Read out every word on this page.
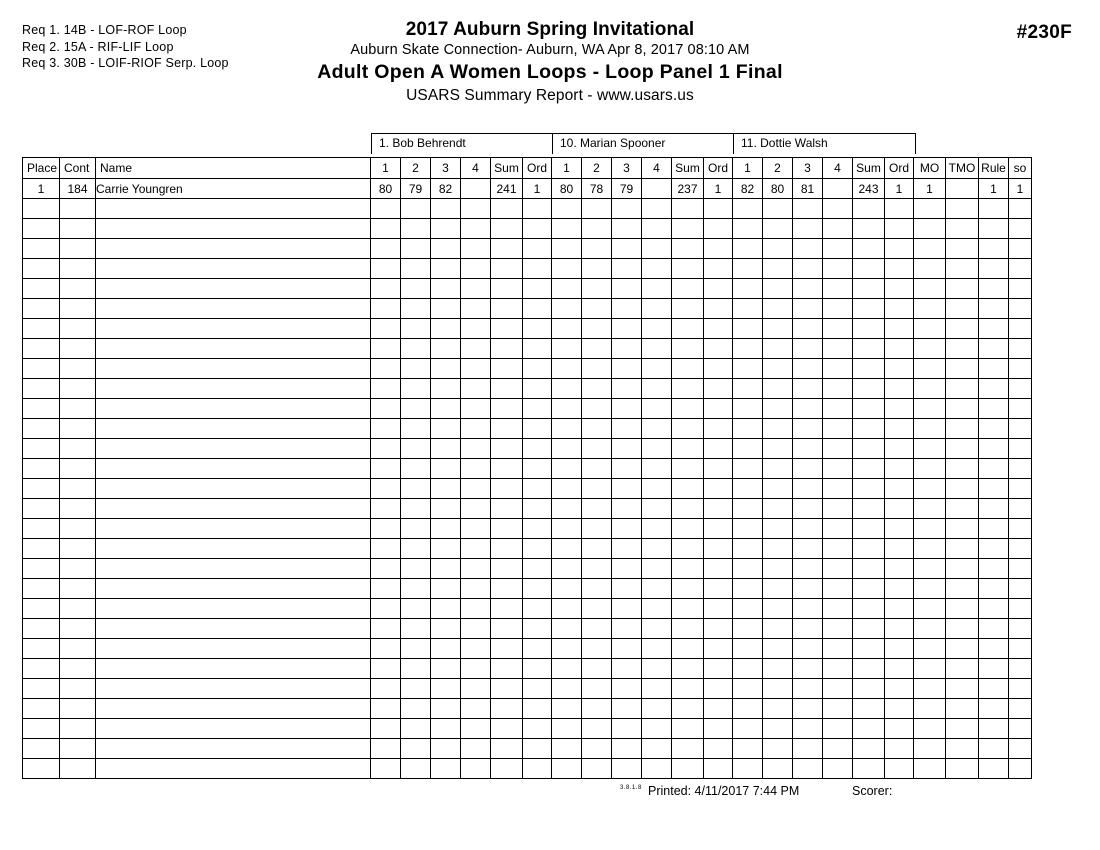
Req 1. 14B - LOF-ROF Loop
Req 2. 15A - RIF-LIF Loop
Req 3. 30B - LOIF-RIOF Serp. Loop
2017 Auburn Spring Invitational
Auburn Skate Connection- Auburn, WA Apr 8, 2017 08:10 AM
Adult Open A Women Loops - Loop Panel 1 Final
USARS Summary Report - www.usars.us
#230F
1. Bob Behrendt	10. Marian Spooner	11. Dottie Walsh
Place	Cont	Name	1	2	3	4	Sum	Ord	1	2	3	4	Sum	Ord	1	2	3	4	Sum	Ord	MO	TMO	Rule	so
1	184	Carrie Youngren	80	79	82		241	1	80	78	79		237	1	82	80	81		243	1	1		1	1

3.8.1.8 Printed: 4/11/2017 7:44 PM	Scorer:
